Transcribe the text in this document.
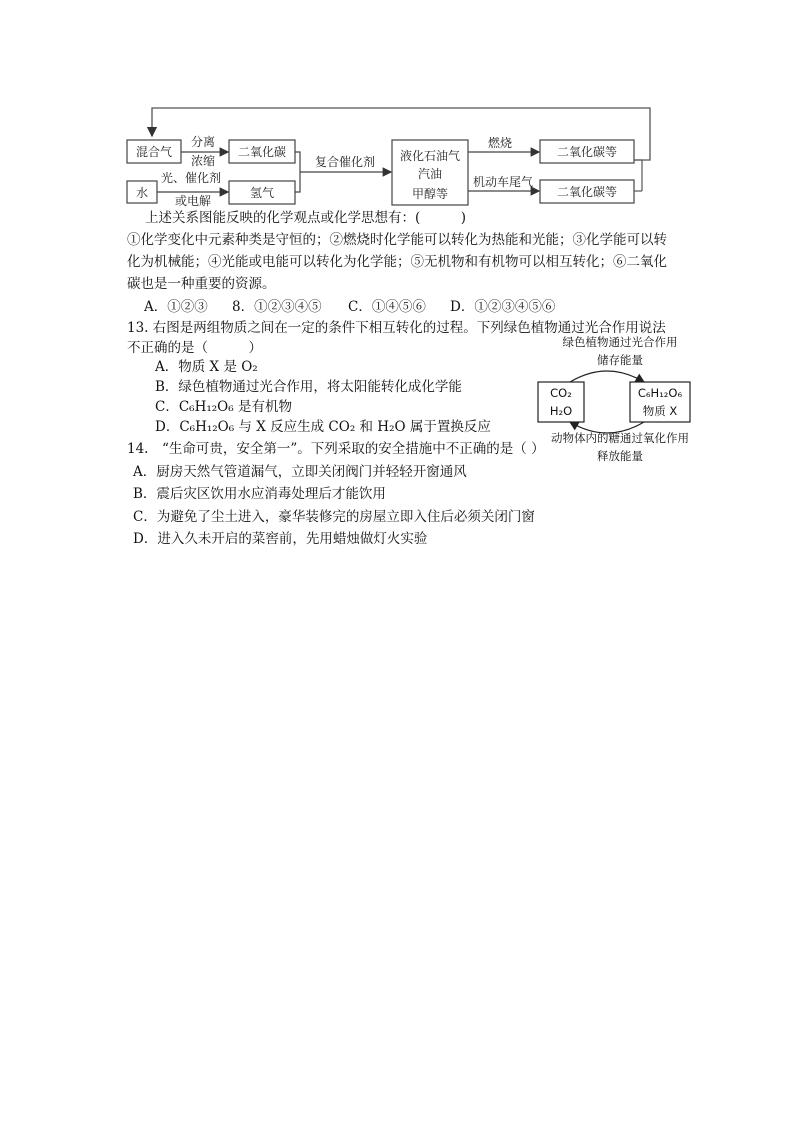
混合气
水
分离
浓缩
光、催化剂
或电解
二氧化碳
氢气
复合催化剂 液化石油气
汽油
甲醇等
燃烧
机动车尾气
二氧化碳等
二氧化碳等
上述关系图能反映的化学观点或化学思想有：(　　　)
①化学变化中元素种类是守恒的；②燃烧时化学能可以转化为热能和光能；③化学能可以转
化为机械能；④光能或电能可以转化为化学能；⑤无机物和有机物可以相互转化；⑥二氧化
碳也是一种重要的资源。
A．①②③ 8．①②③④⑤ C．①④⑤⑥ D．①②③④⑤⑥
13. 右图是两组物质之间在一定的条件下相互转化的过程。下列绿色植物通过光合作用说法
不正确的是（　　　）
A．物质 X 是 O₂
B．绿色植物通过光合作用，将太阳能转化成化学能
C．C₆H₁₂O₆ 是有机物
D．C₆H₁₂O₆ 与 X 反应生成 CO₂ 和 H₂O 属于置换反应
绿色植物通过光合作用
储存能量
CO₂
H₂O
C₆H₁₂O₆
物质 X
动物体内的糖通过氧化作用
释放能量
14.　“生命可贵，安全第一”。下列采取的安全措施中不正确的是（ ）
A．厨房天然气管道漏气，立即关闭阀门并轻轻开窗通风
B．震后灾区饮用水应消毒处理后才能饮用
C．为避免了尘土进入，豪华装修完的房屋立即入住后必须关闭门窗
D．进入久未开启的菜窖前，先用蜡烛做灯火实验
